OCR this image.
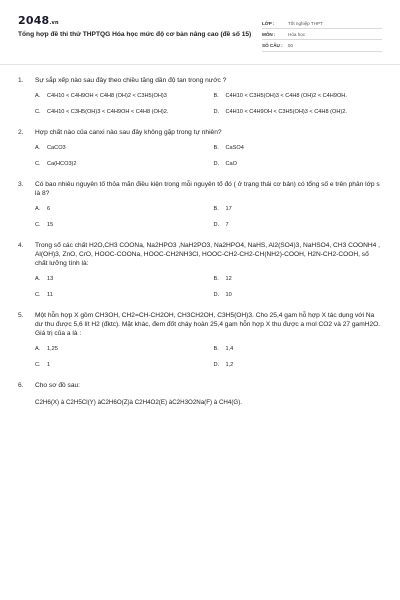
2048.vn
Tổng hợp đề thi thử THPTQG Hóa học mức độ cơ bản nâng cao (đề số 15)
LỚP :	Tốt nghiệp THPT
MÔN :	Hóa học
SỐ CÂU :	50
1.	Sự sắp xếp nào sau đây theo chiều tăng dần độ tan trong nước ?
A.	C4H10 < C4H9OH < C4H8 (OH)2 < C3H5(OH)3	B.	C4H10 < C3H5(OH)3 < C4H8 (OH)2 < C4H9OH.
C.	C4H10 < C3H5(OH)3 < C4H9OH < C4H8 (OH)2.	D.	C4H10 < C4H9OH < C3H5(OH)3 < C4H8 (OH)2.
2.	Hợp chất nào của canxi nào sau đây không gặp trong tự nhiên?
A.	CaCO3	B.	CaSO4
C.	Ca(HCO3)2	D.	CaO
3.	Có bao nhiêu nguyên tố thỏa mãn điều kiện trong mỗi nguyên tố đó ( ở trạng thái cơ bản) có tổng số e trên phân lớp s là 8?
A.	6	B.	17
C.	15	D.	7
4.	Trong số các chất H2O,CH3 COONa, Na2HPO3 ,NaH2PO3, Na2HPO4, NaHS, Al2(SO4)3, NaHSO4, CH3 COONH4 , Al(OH)3, ZnO, CrO, HOOC-COONa, HOOC-CH2NH3Cl, HOOC-CH2-CH2-CH(NH2)-COOH, H2N-CH2-COOH, số chất lưỡng tính là:
A.	13	B.	12
C.	11	D.	10
5.	Một hỗn hợp X gồm CH3OH, CH2=CH-CH2OH, CH3CH2OH, C3H5(OH)3. Cho 25,4 gam hỗ hợp X tác dụng với Na dư thu được 5,6 lít H2 (đktc). Mặt khác, đem đốt cháy hoàn 25,4 gam hỗn hợp X thu được a mol CO2 và 27 gamH2O. Giá trị của a là :
A.	1,25	B.	1,4
C.	1	D.	1,2
6.	Cho sơ đồ sau:
C2H6(X) à C2H5Cl(Y) àC2H6O(Z)à C2H4O2(E) àC2H3O2Na(F) à CH4(G).
